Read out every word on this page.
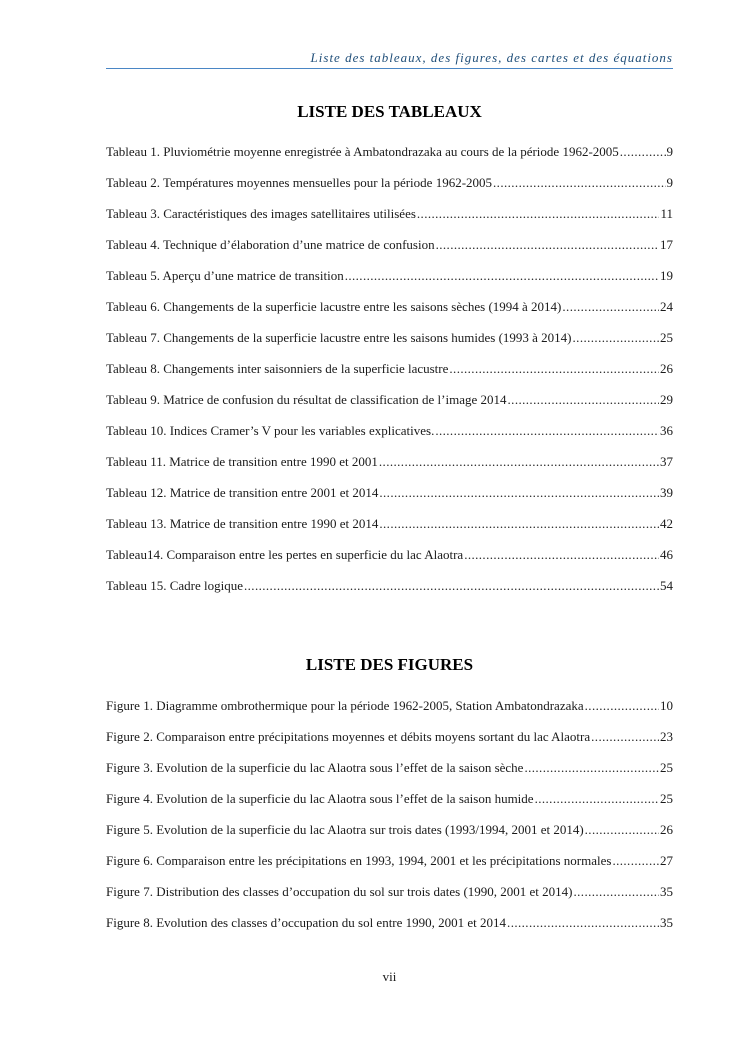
Liste des tableaux, des figures, des cartes et des équations
LISTE DES TABLEAUX
Tableau 1. Pluviométrie moyenne enregistrée à Ambatondrazaka au cours de la période 1962-2005 .....	9
Tableau 2. Températures moyennes mensuelles pour la période 1962-2005 .....	9
Tableau 3. Caractéristiques des images satellitaires utilisées .....	11
Tableau 4. Technique d’élaboration d’une matrice de confusion .....	17
Tableau 5. Aperçu d’une matrice de transition .....	19
Tableau 6. Changements de la superficie lacustre entre les saisons sèches (1994 à 2014) .....	24
Tableau 7. Changements de la superficie lacustre entre les saisons humides (1993 à 2014) .....	25
Tableau 8. Changements inter saisonniers de la superficie lacustre .....	26
Tableau 9. Matrice de confusion du résultat de classification de l’image 2014 .....	29
Tableau 10. Indices Cramer’s V pour les variables explicatives. .....	36
Tableau 11. Matrice de transition entre 1990 et 2001 .....	37
Tableau 12. Matrice de transition entre 2001 et 2014 .....	39
Tableau 13. Matrice de transition entre 1990 et 2014 .....	42
Tableau14. Comparaison entre les pertes en superficie du lac Alaotra .....	46
Tableau 15. Cadre logique .....	54
LISTE DES FIGURES
Figure 1. Diagramme ombrothermique pour la période 1962-2005, Station Ambatondrazaka .....	10
Figure 2. Comparaison entre précipitations moyennes et débits moyens sortant du lac Alaotra .....	23
Figure 3. Evolution de la superficie du lac Alaotra sous l’effet de la saison sèche .....	25
Figure 4. Evolution de la superficie du lac Alaotra sous l’effet de la saison humide .....	25
Figure 5. Evolution de la superficie du lac Alaotra sur trois dates (1993/1994, 2001 et 2014) .....	26
Figure 6. Comparaison entre les précipitations en 1993, 1994, 2001 et les précipitations normales .....	27
Figure 7. Distribution des classes d’occupation du sol sur trois dates (1990, 2001 et 2014) .....	35
Figure 8. Evolution des classes d’occupation du sol entre 1990, 2001 et 2014 .....	35
vii
